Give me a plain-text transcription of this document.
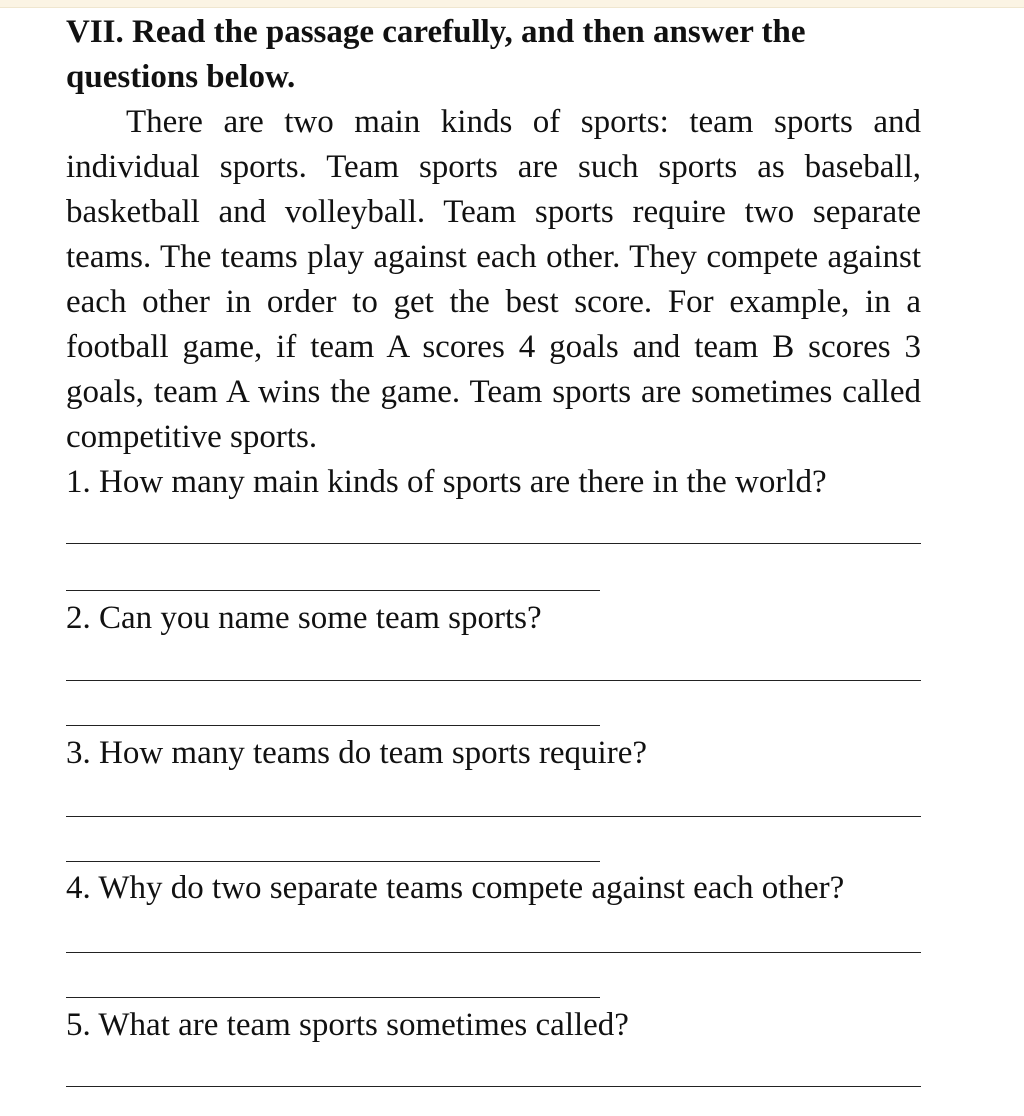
VII. Read the passage carefully, and then answer the questions below.

There are two main kinds of sports: team sports and individual sports. Team sports are such sports as baseball, basketball and volleyball. Team sports require two separate teams. The teams play against each other. They compete against each other in order to get the best score. For example, in a football game, if team A scores 4 goals and team B scores 3 goals, team A wins the game. Team sports are sometimes called competitive sports.

1. How many main kinds of sports are there in the world?

2. Can you name some team sports?

3. How many teams do team sports require?

4. Why do two separate teams compete against each other?

5. What are team sports sometimes called?
